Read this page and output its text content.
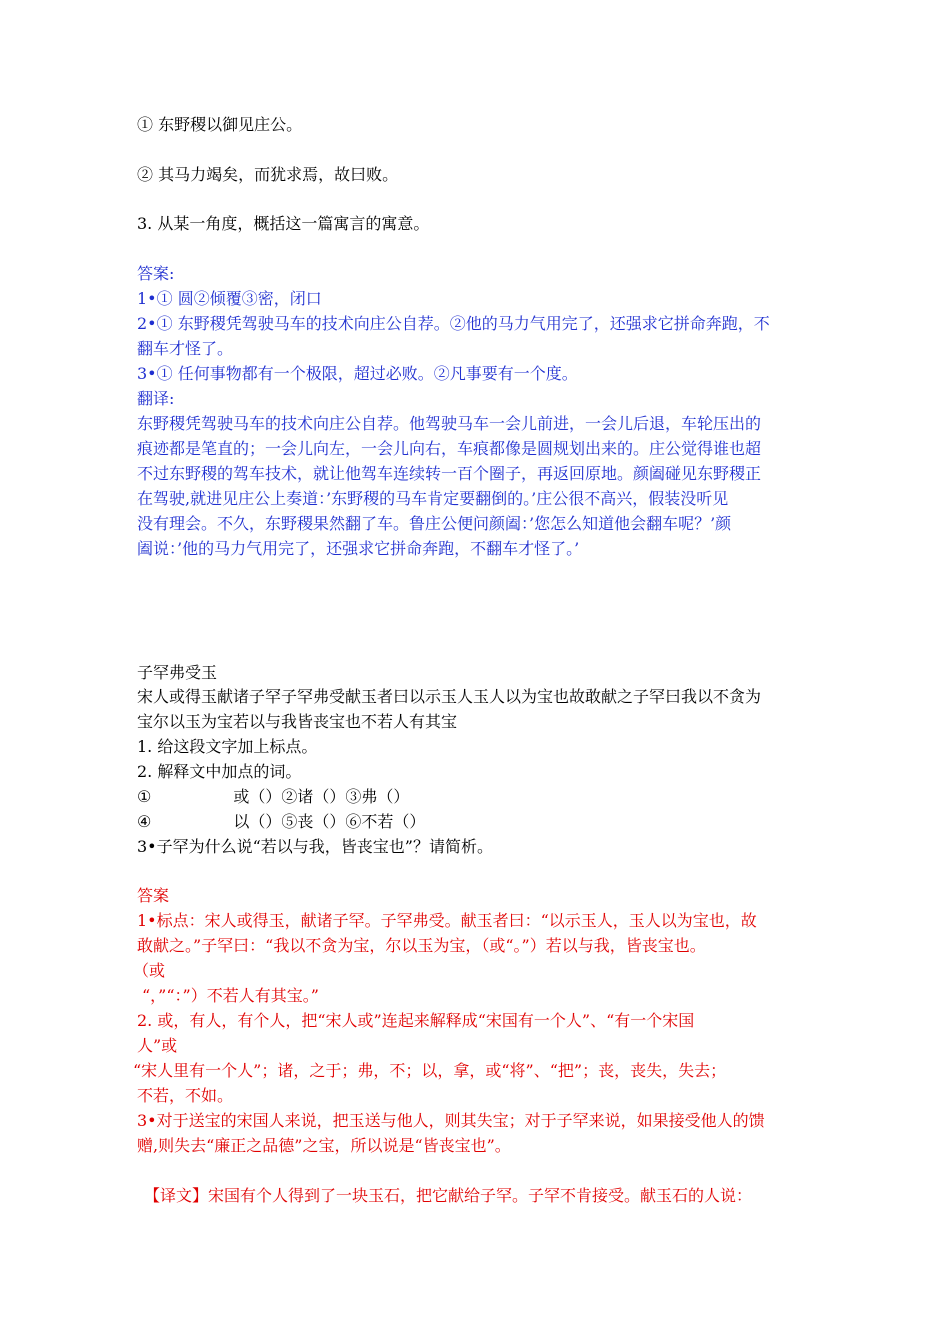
① 东野稷以御见庄公。
② 其马力竭矣，而犹求焉，故曰败。
3. 从某一角度，概括这一篇寓言的寓意。
答案:
1•① 圆②倾覆③密，闭口
2•① 东野稷凭驾驶马车的技术向庄公自荐。②他的马力气用完了，还强求它拼命奔跑，不
翻车才怪了。
3•① 任何事物都有一个极限，超过必败。②凡事要有一个度。
翻译:
东野稷凭驾驶马车的技术向庄公自荐。他驾驶马车一会儿前进，一会儿后退，车轮压出的
痕迹都是笔直的；一会儿向左，一会儿向右，车痕都像是圆规划出来的。庄公觉得谁也超
不过东野稷的驾车技术，就让他驾车连续转一百个圈子，再返回原地。颜阖碰见东野稷正
在驾驶,就进见庄公上奏道：’东野稷的马车肯定要翻倒的。’庄公很不高兴，假装没听见
没有理会。不久，东野稷果然翻了车。鲁庄公便问颜阖：’您怎么知道他会翻车呢？’颜
阖说：’他的马力气用完了，还强求它拼命奔跑，不翻车才怪了。’
子罕弗受玉
宋人或得玉献诸子罕子罕弗受献玉者曰以示玉人玉人以为宝也故敢献之子罕曰我以不贪为
宝尔以玉为宝若以与我皆丧宝也不若人有其宝
1. 给这段文字加上标点。
2. 解释文中加点的词。
①	或（）②诸（）③弗（）
④	以（）⑤丧（）⑥不若（）
3•子罕为什么说“若以与我，皆丧宝也”？请简析。
答案
1•标点：宋人或得玉，献诸子罕。子罕弗受。献玉者曰：“以示玉人，玉人以为宝也，故
敢献之。”子罕曰：“我以不贪为宝，尔以玉为宝，（或“。”）若以与我，皆丧宝也。
（或
“，”“：”）不若人有其宝。”
2. 或，有人，有个人，把“宋人或”连起来解释成“宋国有一个人”、“有一个宋国
人”或
“宋人里有一个人”；诸，之于；弗，不；以，拿，或“将”、“把”；丧，丧失，失去；
不若，不如。
3•对于送宝的宋国人来说，把玉送与他人，则其失宝；对于子罕来说，如果接受他人的馈
赠,则失去“廉正之品德”之宝，所以说是“皆丧宝也”。
【译文】宋国有个人得到了一块玉石，把它献给子罕。子罕不肯接受。献玉石的人说：
